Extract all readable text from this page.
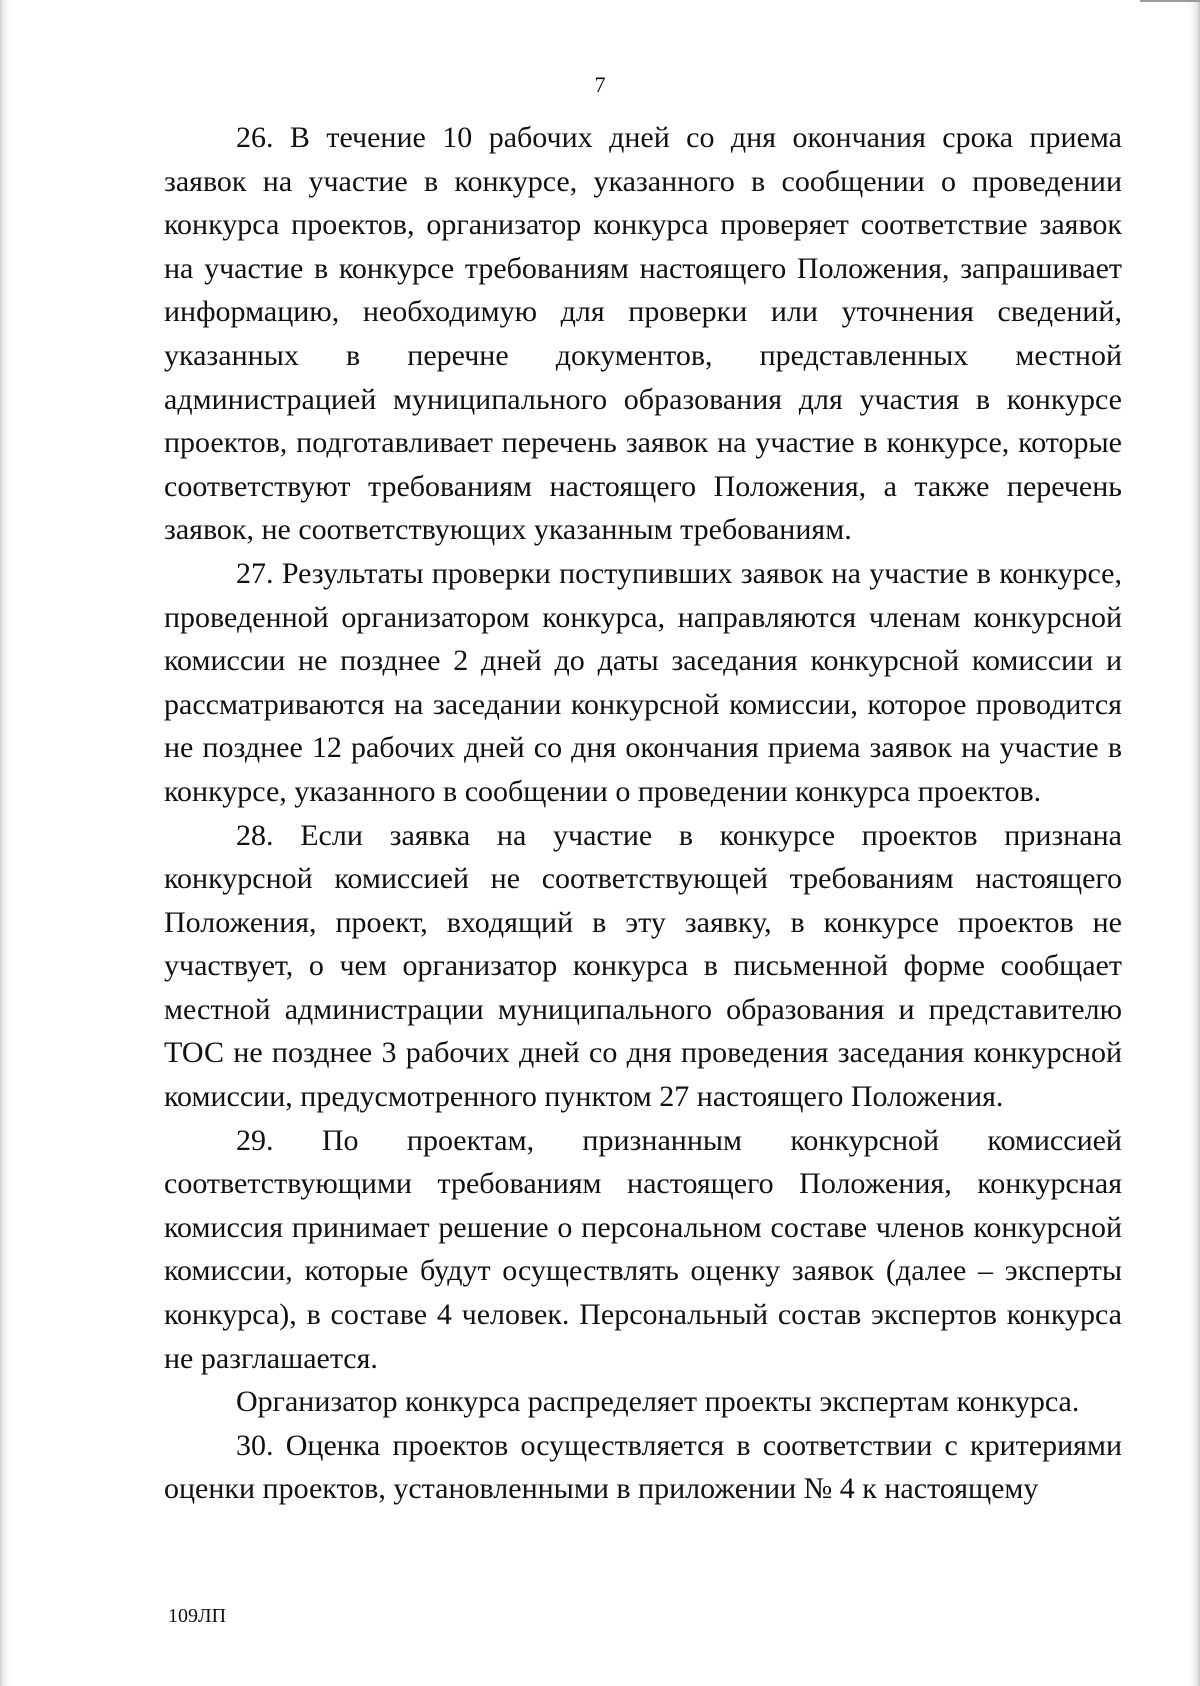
7

26. В течение 10 рабочих дней со дня окончания срока приема заявок на участие в конкурсе, указанного в сообщении о проведении конкурса проектов, организатор конкурса проверяет соответствие заявок на участие в конкурсе требованиям настоящего Положения, запрашивает информацию, необходимую для проверки или уточнения сведений, указанных в перечне документов, представленных местной администрацией муниципального образования для участия в конкурсе проектов, подготавливает перечень заявок на участие в конкурсе, которые соответствуют требованиям настоящего Положения, а также перечень заявок, не соответствующих указанным требованиям.

27. Результаты проверки поступивших заявок на участие в конкурсе, проведенной организатором конкурса, направляются членам конкурсной комиссии не позднее 2 дней до даты заседания конкурсной комиссии и рассматриваются на заседании конкурсной комиссии, которое проводится не позднее 12 рабочих дней со дня окончания приема заявок на участие в конкурсе, указанного в сообщении о проведении конкурса проектов.

28. Если заявка на участие в конкурсе проектов признана конкурсной комиссией не соответствующей требованиям настоящего Положения, проект, входящий в эту заявку, в конкурсе проектов не участвует, о чем организатор конкурса в письменной форме сообщает местной администрации муниципального образования и представителю ТОС не позднее 3 рабочих дней со дня проведения заседания конкурсной комиссии, предусмотренного пунктом 27 настоящего Положения.

29. По проектам, признанным конкурсной комиссией соответствующими требованиям настоящего Положения, конкурсная комиссия принимает решение о персональном составе членов конкурсной комиссии, которые будут осуществлять оценку заявок (далее – эксперты конкурса), в составе 4 человек. Персональный состав экспертов конкурса не разглашается.

Организатор конкурса распределяет проекты экспертам конкурса.

30. Оценка проектов осуществляется в соответствии с критериями оценки проектов, установленными в приложении № 4 к настоящему

109ЛП
